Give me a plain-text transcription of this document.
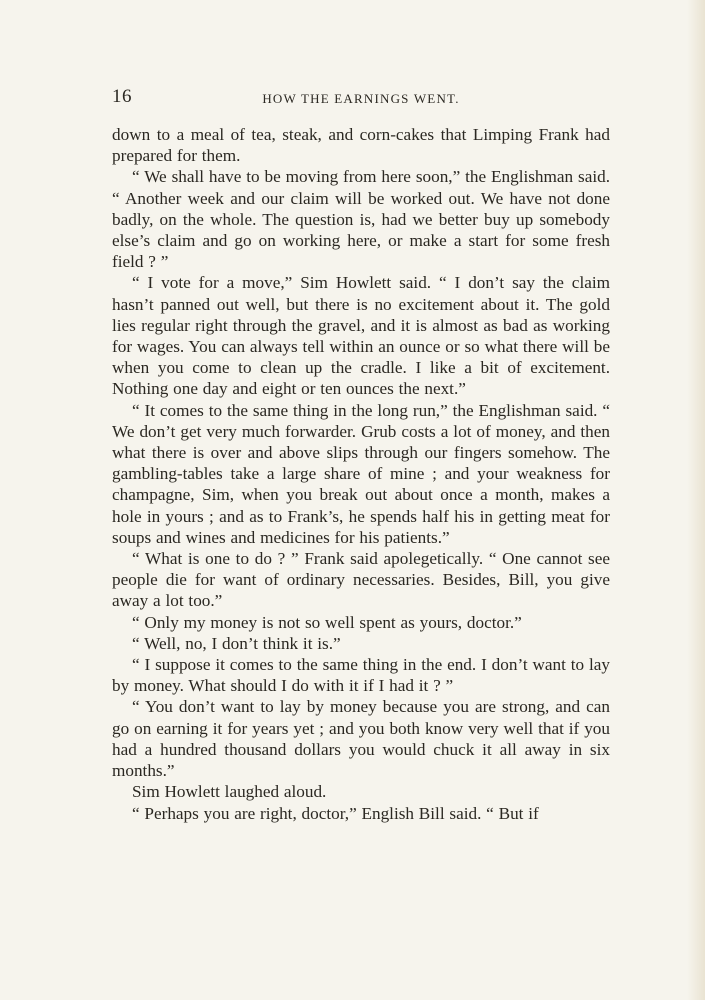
16	HOW THE EARNINGS WENT.

down to a meal of tea, steak, and corn-cakes that Limping Frank had prepared for them.

“ We shall have to be moving from here soon,” the Englishman said. “ Another week and our claim will be worked out. We have not done badly, on the whole. The question is, had we better buy up somebody else’s claim and go on working here, or make a start for some fresh field ? ”

“ I vote for a move,” Sim Howlett said. “ I don’t say the claim hasn’t panned out well, but there is no excitement about it. The gold lies regular right through the gravel, and it is almost as bad as working for wages. You can always tell within an ounce or so what there will be when you come to clean up the cradle. I like a bit of excitement. Nothing one day and eight or ten ounces the next.”

“ It comes to the same thing in the long run,” the Englishman said. “ We don’t get very much forwarder. Grub costs a lot of money, and then what there is over and above slips through our fingers somehow. The gambling-tables take a large share of mine ; and your weakness for champagne, Sim, when you break out about once a month, makes a hole in yours ; and as to Frank’s, he spends half his in getting meat for soups and wines and medicines for his patients.”

“ What is one to do ? ” Frank said apolegetically. “ One cannot see people die for want of ordinary necessaries. Besides, Bill, you give away a lot too.”

“ Only my money is not so well spent as yours, doctor.”

“ Well, no, I don’t think it is.”

“ I suppose it comes to the same thing in the end. I don’t want to lay by money. What should I do with it if I had it ? ”

“ You don’t want to lay by money because you are strong, and can go on earning it for years yet ; and you both know very well that if you had a hundred thousand dollars you would chuck it all away in six months.”

Sim Howlett laughed aloud.

“ Perhaps you are right, doctor,” English Bill said. “ But if
